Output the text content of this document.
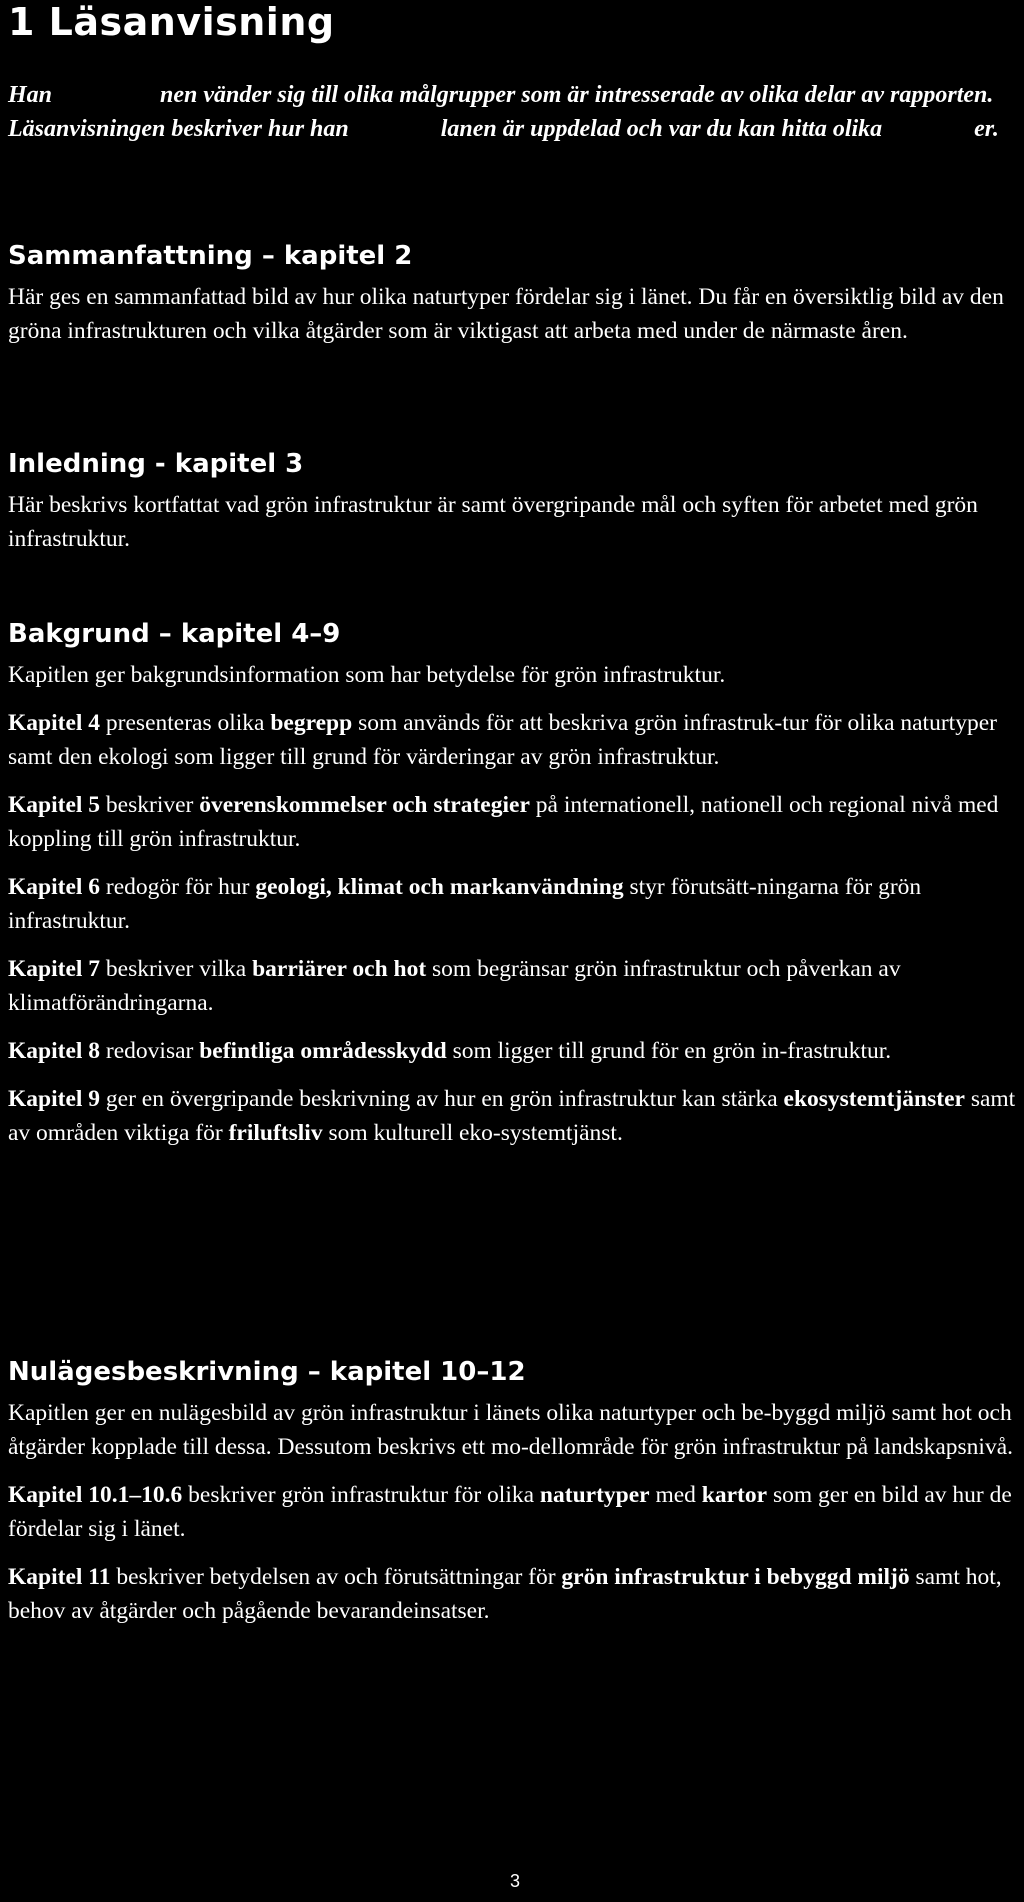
1 Läsanvisning

Han	nen vänder sig till olika målgrupper som är intresserade av olika delar av rapporten. Läsanvisningen beskriver hur han	lanen är uppdelad och var du kan hitta olika	er.

Sammanfattning – kapitel 2

Här ges en sammanfattad bild av hur olika naturtyper fördelar sig i länet. Du får en översiktlig bild av den gröna infrastrukturen och vilka åtgärder som är viktigast att arbeta med under de närmaste åren.

Inledning - kapitel 3

Här beskrivs kortfattat vad grön infrastruktur är samt övergripande mål och syften för arbetet med grön infrastruktur.

Bakgrund – kapitel 4–9

Kapitlen ger bakgrundsinformation som har betydelse för grön infrastruktur.

Kapitel 4 presenteras olika begrepp som används för att beskriva grön infrastruk-tur för olika naturtyper samt den ekologi som ligger till grund för värderingar av grön infrastruktur.

Kapitel 5 beskriver överenskommelser och strategier på internationell, nationell och regional nivå med koppling till grön infrastruktur.

Kapitel 6 redogör för hur geologi, klimat och markanvändning styr förutsätt-ningarna för grön infrastruktur.

Kapitel 7 beskriver vilka barriärer och hot som begränsar grön infrastruktur och påverkan av klimatförändringarna.

Kapitel 8 redovisar befintliga områdesskydd som ligger till grund för en grön in-frastruktur.

Kapitel 9 ger en övergripande beskrivning av hur en grön infrastruktur kan stärka ekosystemtjänster samt av områden viktiga för friluftsliv som kulturell eko-systemtjänst.

Nulägesbeskrivning – kapitel 10–12

Kapitlen ger en nulägesbild av grön infrastruktur i länets olika naturtyper och be-byggd miljö samt hot och åtgärder kopplade till dessa. Dessutom beskrivs ett mo-dellområde för grön infrastruktur på landskapsnivå.

Kapitel 10.1–10.6 beskriver grön infrastruktur för olika naturtyper med kartor som ger en bild av hur de fördelar sig i länet.

Kapitel 11 beskriver betydelsen av och förutsättningar för grön infrastruktur i bebyggd miljö samt hot, behov av åtgärder och pågående bevarandeinsatser.

3
